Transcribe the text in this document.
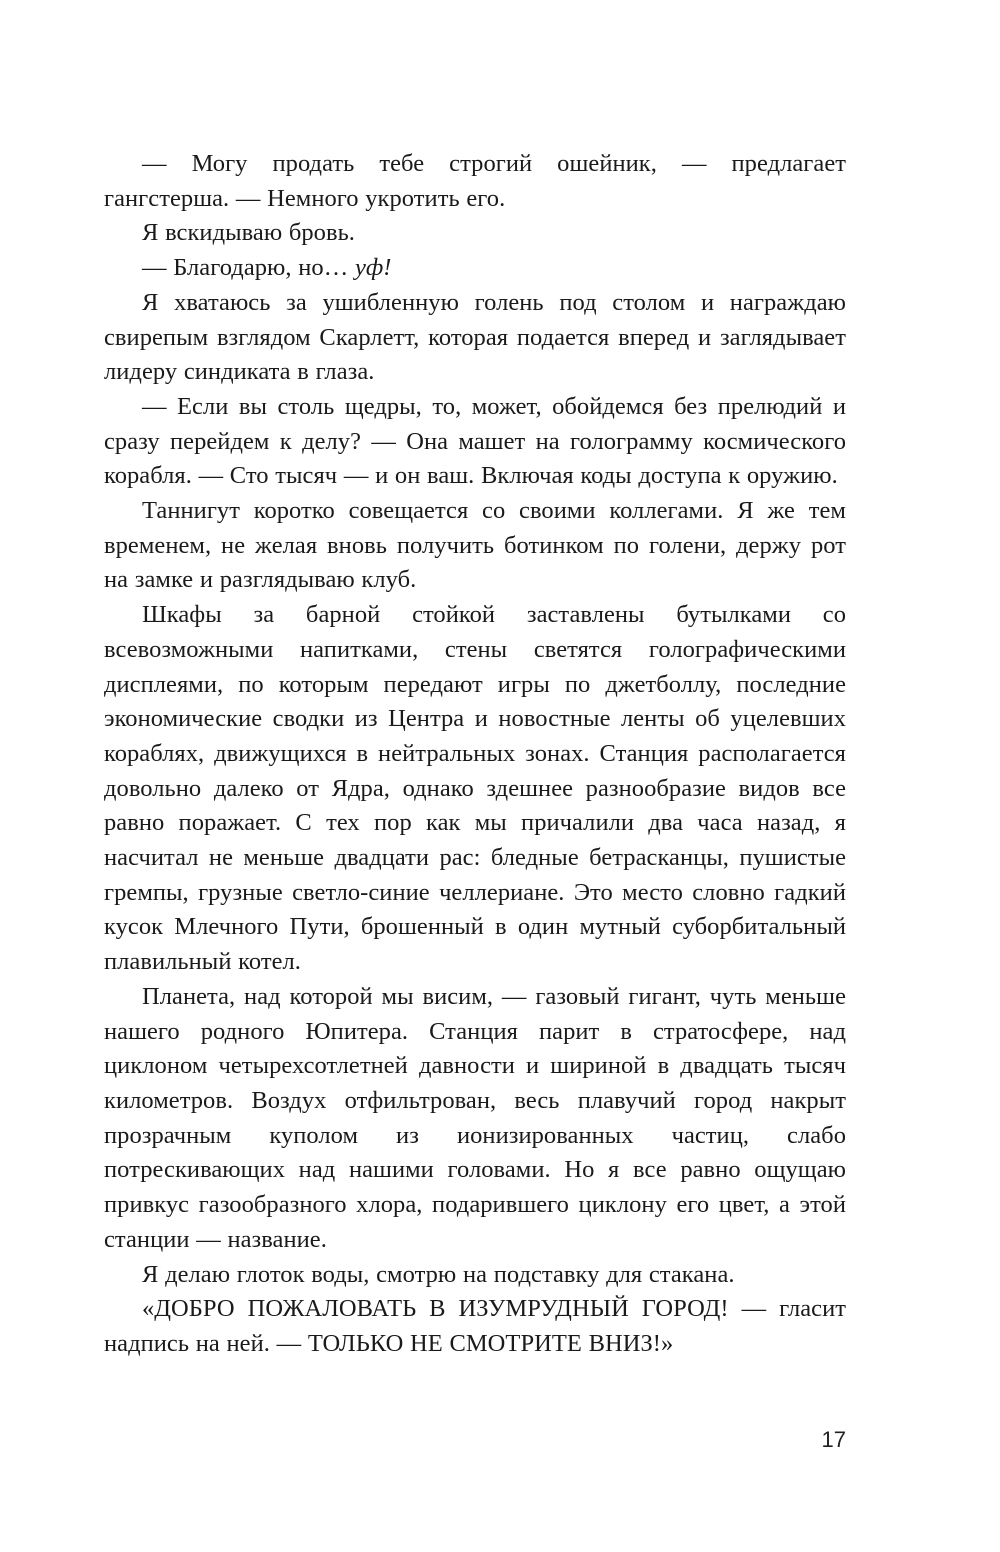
— Могу продать тебе строгий ошейник, — предлагает гангстерша. — Немного укротить его.

Я вскидываю бровь.

— Благодарю, но… уф!

Я хватаюсь за ушибленную голень под столом и награждаю свирепым взглядом Скарлетт, которая подается вперед и заглядывает лидеру синдиката в глаза.

— Если вы столь щедры, то, может, обойдемся без прелюдий и сразу перейдем к делу? — Она машет на голограмму космического корабля. — Сто тысяч — и он ваш. Включая коды доступа к оружию.

Таннигут коротко совещается со своими коллегами. Я же тем временем, не желая вновь получить ботинком по голени, держу рот на замке и разглядываю клуб.

Шкафы за барной стойкой заставлены бутылками со всевозможными напитками, стены светятся голографическими дисплеями, по которым передают игры по джетболлу, последние экономические сводки из Центра и новостные ленты об уцелевших кораблях, движущихся в нейтральных зонах. Станция располагается довольно далеко от Ядра, однако здешнее разнообразие видов все равно поражает. С тех пор как мы причалили два часа назад, я насчитал не меньше двадцати рас: бледные бетрасканцы, пушистые гремпы, грузные светло-синие челлериане. Это место словно гадкий кусок Млечного Пути, брошенный в один мутный суборбитальный плавильный котел.

Планета, над которой мы висим, — газовый гигант, чуть меньше нашего родного Юпитера. Станция парит в стратосфере, над циклоном четырехсотлетней давности и шириной в двадцать тысяч километров. Воздух отфильтрован, весь плавучий город накрыт прозрачным куполом из ионизированных частиц, слабо потрескивающих над нашими головами. Но я все равно ощущаю привкус газообразного хлора, подарившего циклону его цвет, а этой станции — название.

Я делаю глоток воды, смотрю на подставку для стакана.

«ДОБРО ПОЖАЛОВАТЬ В ИЗУМРУДНЫЙ ГОРОД! — гласит надпись на ней. — ТОЛЬКО НЕ СМОТРИТЕ ВНИЗ!»

17
